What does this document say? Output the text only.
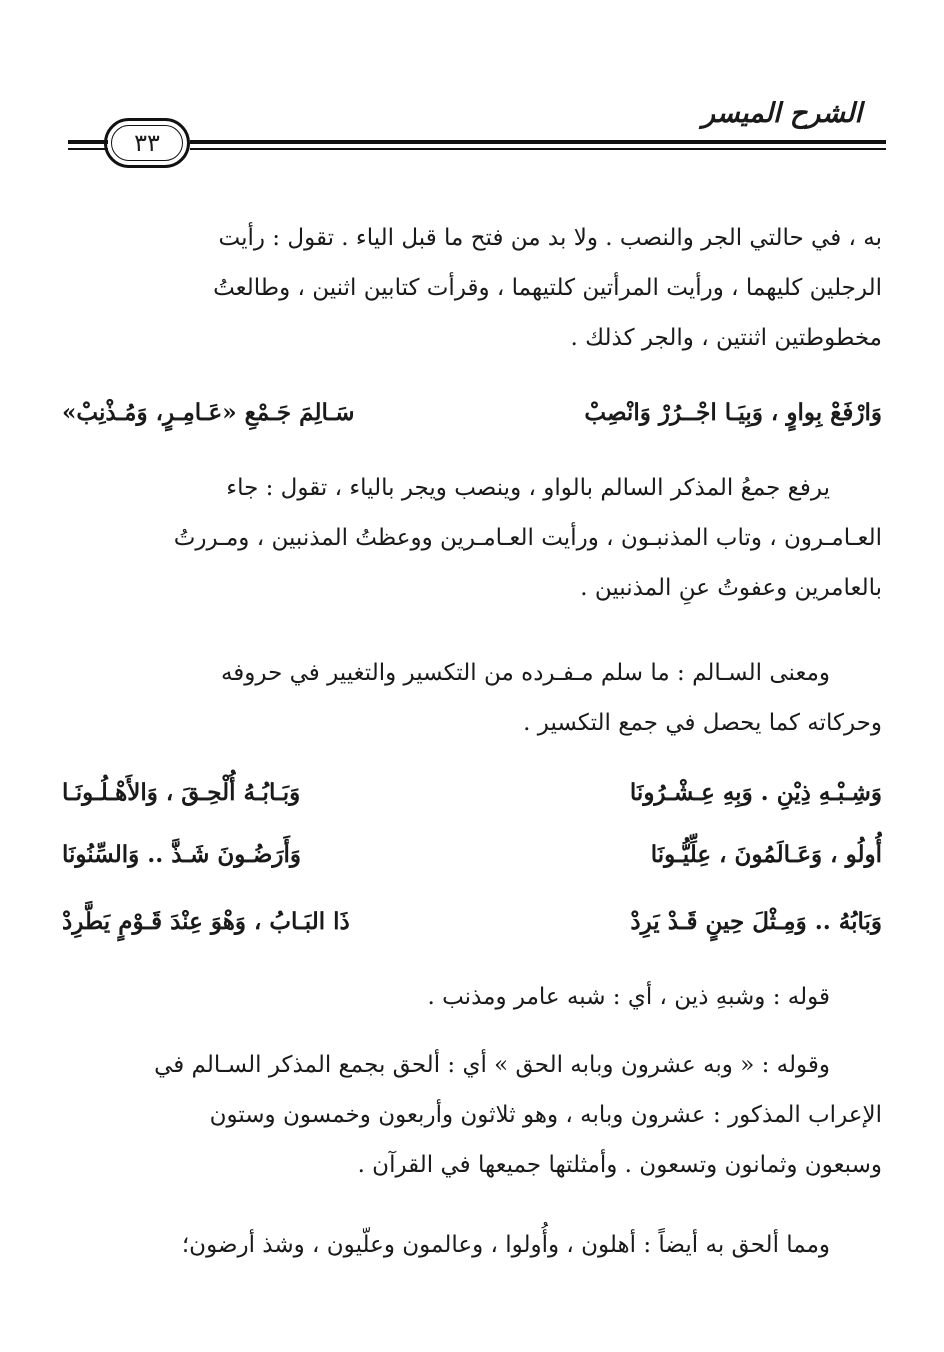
الشرح الميسر
٣٣
به ، في حالتي الجر والنصب . ولا بد من فتح ما قبل الياء . تقول : رأيت
الرجلين كليهما ، ورأيت المرأتين كلتيهما ، وقرأت كتابين اثنين ، وطالعتُ
مخطوطتين اثنتين ، والجر كذلك .
وَارْفَعْ بِواوٍ ، وَبِيَـا اجْــرُرْ وَانْصِبْ
سَـالِمَ جَـمْعِ «عَـامِـرٍ، وَمُـذْنِبْ»
يرفع جمعُ المذكر السالم بالواو ، وينصب ويجر بالياء ، تقول : جاء
العـامـرون ، وتاب المذنبـون ، ورأيت العـامـرين ووعظتُ المذنبين ، ومـررتُ
بالعامرين وعفوتُ عنِ المذنبين .
ومعنى السـالم : ما سلم مـفـرده من التكسير والتغيير في حروفه
وحركاته كما يحصل في جمع التكسير .
وَشِـبْـهِ ذِيْنِ . وَبِهِ عِـشْـرُونَا
وَبَـابُـهُ أُلْحِـقَ ، وَالأَهْـلُـونَـا
أُولُو ، وَعَـالَمُونَ ، عِلِّيُّـونَا
وَأَرَضُـونَ شَـذَّ .. وَالسِّنُونَا
وَبَابُهُ .. وَمِـثْلَ حِينٍ قَـدْ يَرِدْ
ذَا البَـابُ ، وَهْوَ عِنْدَ قَـوْمٍ يَطَّرِدْ
قوله : وشبهِ ذين ، أي : شبه عامر ومذنب .
وقوله : « وبه عشرون وبابه الحق » أي : ألحق بجمع المذكر السـالم في
الإعراب المذكور : عشرون وبابه ، وهو ثلاثون وأربعون وخمسون وستون
وسبعون وثمانون وتسعون . وأمثلتها جميعها في القرآن .
ومما ألحق به أيضاً : أهلون ، وأُولوا ، وعالمون وعلّيون ، وشذ أرضون؛
